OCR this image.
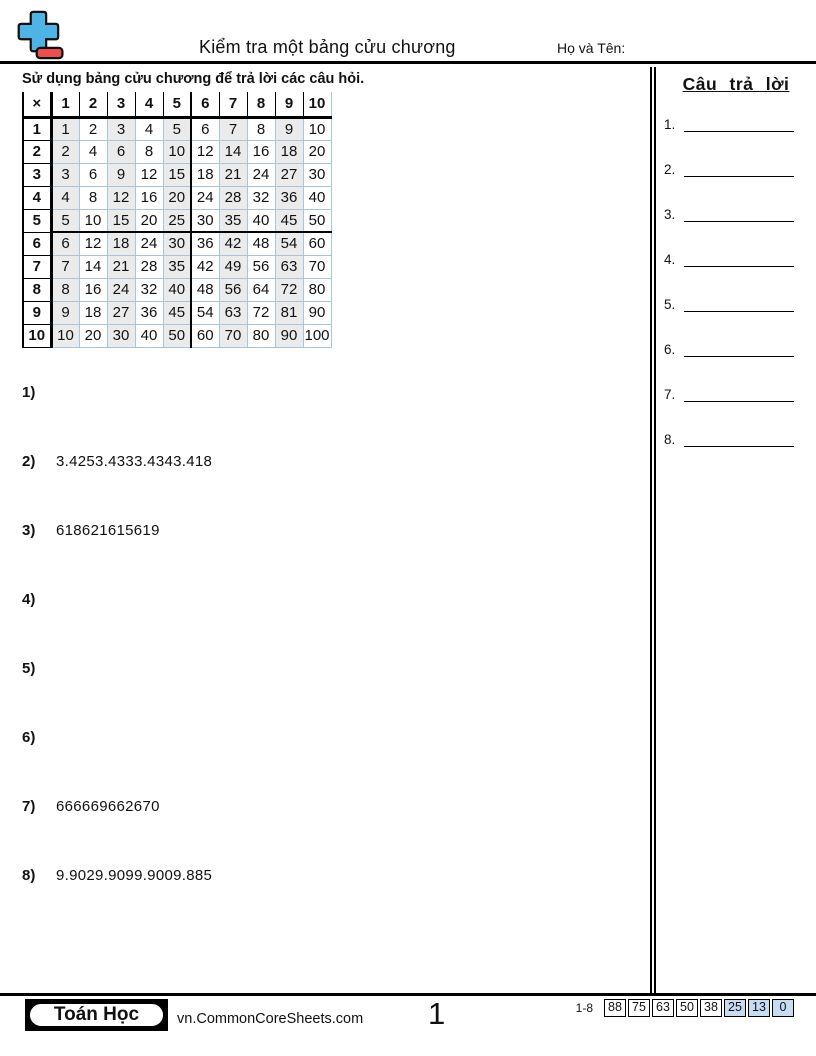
Kiểm tra một bảng cửu chương	Họ và Tên:
Sử dụng bảng cửu chương để trả lời các câu hỏi.
×	1	2	3	4	5	6	7	8	9	10
1	1	2	3	4	5	6	7	8	9	10
2	2	4	6	8	10	12	14	16	18	20
3	3	6	9	12	15	18	21	24	27	30
4	4	8	12	16	20	24	28	32	36	40
5	5	10	15	20	25	30	35	40	45	50
6	6	12	18	24	30	36	42	48	54	60
7	7	14	21	28	35	42	49	56	63	70
8	8	16	24	32	40	48	56	64	72	80
9	9	18	27	36	45	54	63	72	81	90
10	10	20	30	40	50	60	70	80	90	100
1)
2)	3.4253.4333.4343.418
3)	618621615619
4)
5)
6)
7)	666669662670
8)	9.9029.9099.9009.885
Câu trả lời
1.
2.
3.
4.
5.
6.
7.
8.
Toán Học	vn.CommonCoreSheets.com 1	1-8	88 75 63 50 38 25 13	0
